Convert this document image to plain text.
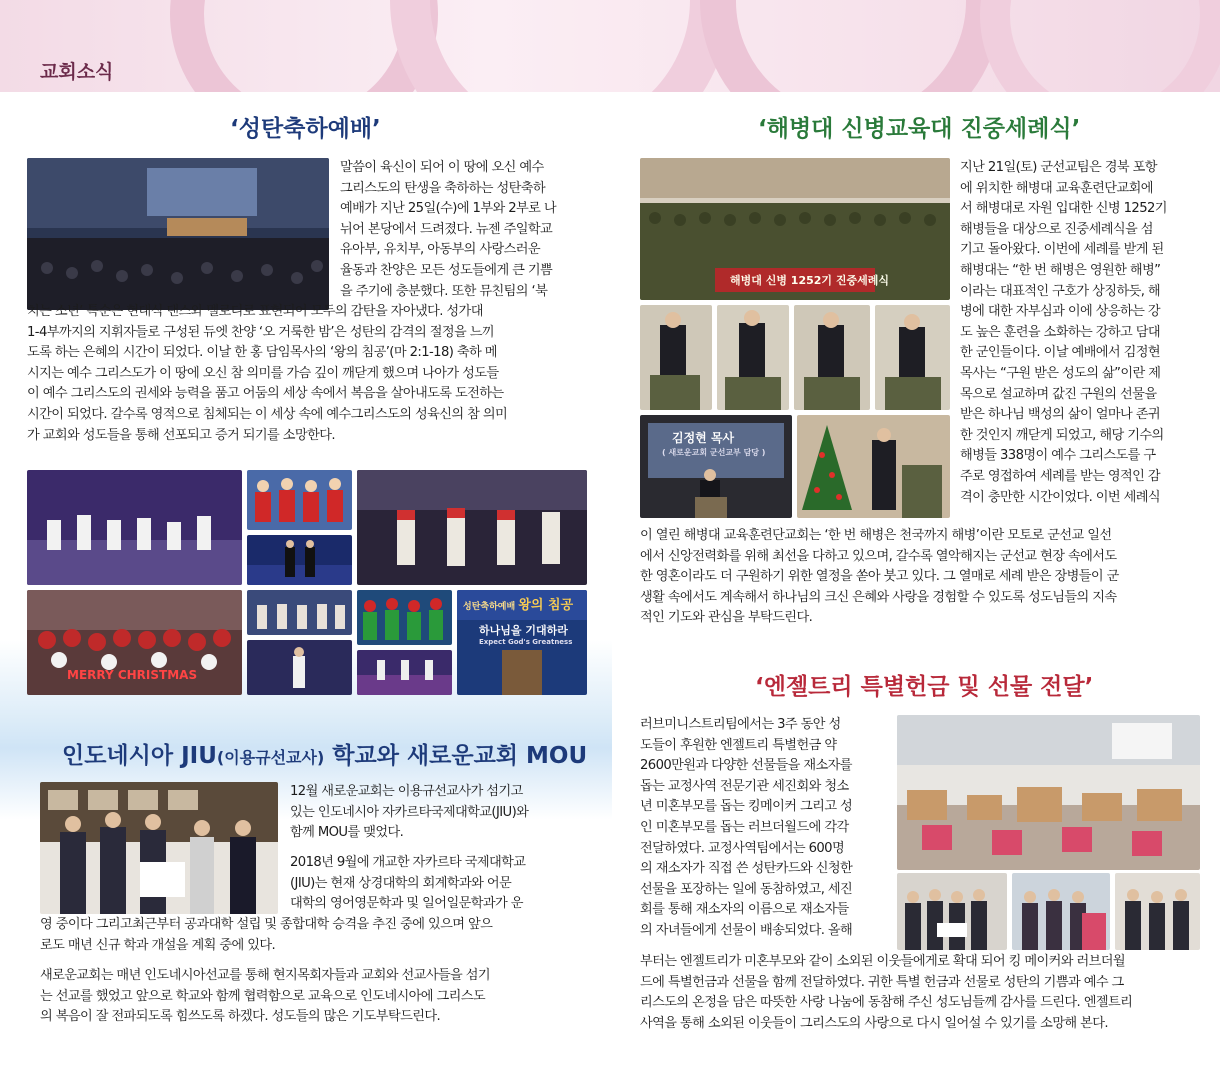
교회소식
‘성탄축하예배’
말씀이 육신이 되어 이 땅에 오신 예수
그리스도의 탄생을 축하하는 성탄축하
예배가 지난 25일(수)에 1부와 2부로 나
뉘어 본당에서 드려졌다. 뉴젠 주일학교
유아부, 유치부, 아동부의 사랑스러운
율동과 찬양은 모든 성도들에게 큰 기쁨
을 주기에 충분했다. 또한 뮤친팀의 ‘북
치는 소년’ 특순은 현대식 댄스와 멜로디로 표현되어 모두의 감탄을 자아냈다. 성가대
1-4부까지의 지휘자들로 구성된 듀엣 찬양 ‘오 거룩한 밤’은 성탄의 감격의 절정을 느끼
도록 하는 은혜의 시간이 되었다. 이날 한 홍 담임목사의 ‘왕의 침공’(마 2:1-18) 축하 메
시지는 예수 그리스도가 이 땅에 오신 참 의미를 가슴 깊이 깨닫게 했으며 나아가 성도들
이 예수 그리스도의 권세와 능력을 품고 어둠의 세상 속에서 복음을 살아내도록 도전하는
시간이 되었다. 갈수록 영적으로 침체되는 이 세상 속에 예수그리스도의 성육신의 참 의미
가 교회와 성도들을 통해 선포되고 증거 되기를 소망한다.
MERRY CHRISTMAS
성탄축하예배 왕의 침공
하나님을 기대하라
Expect God's Greatness
인도네시아 JIU(이용규선교사) 학교와 새로운교회 MOU
12월 새로운교회는 이용규선교사가 섬기고
있는 인도네시아 자카르타국제대학교(JIU)와
함께 MOU를 맺었다.
2018년 9월에 개교한 자카르타 국제대학교
(JIU)는 현재 상경대학의 회계학과와 어문
대학의 영어영문학과 및 일어일문학과가 운
영 중이다 그리고최근부터 공과대학 설립 및 종합대학 승격을 추진 중에 있으며 앞으
로도 매년 신규 학과 개설을 계획 중에 있다.
새로운교회는 매년 인도네시아선교를 통해 현지목회자들과 교회와 선교사들을 섬기
는 선교를 했었고 앞으로 학교와 함께 협력함으로 교육으로 인도네시아에 그리스도
의 복음이 잘 전파되도록 힘쓰도록 하겠다. 성도들의 많은 기도부탁드린다.
‘해병대 신병교육대 진중세례식’
해병대 신병 1252기 진중세례식
김정현 목사
( 새로운교회 군선교부 담당 )
지난 21일(토) 군선교팀은 경북 포항
에 위치한 해병대 교육훈련단교회에
서 해병대로 자원 입대한 신병 1252기
해병들을 대상으로 진중세례식을 섬
기고 돌아왔다. 이번에 세례를 받게 된
해병대는 “한 번 해병은 영원한 해병”
이라는 대표적인 구호가 상징하듯, 해
병에 대한 자부심과 이에 상응하는 강
도 높은 훈련을 소화하는 강하고 담대
한 군인들이다. 이날 예배에서 김정현
목사는 “구원 받은 성도의 삶”이란 제
목으로 설교하며 값진 구원의 선물을
받은 하나님 백성의 삶이 얼마나 존귀
한 것인지 깨닫게 되었고, 해당 기수의
해병들 338명이 예수 그리스도를 구
주로 영접하여 세례를 받는 영적인 감
격이 충만한 시간이었다. 이번 세례식
이 열린 해병대 교육훈련단교회는 ‘한 번 해병은 천국까지 해병’이란 모토로 군선교 일선
에서 신앙전력화를 위해 최선을 다하고 있으며, 갈수록 열악해지는 군선교 현장 속에서도
한 영혼이라도 더 구원하기 위한 열정을 쏟아 붓고 있다. 그 열매로 세례 받은 장병들이 군
생활 속에서도 계속해서 하나님의 크신 은혜와 사랑을 경험할 수 있도록 성도님들의 지속
적인 기도와 관심을 부탁드린다.
‘엔젤트리 특별헌금 및 선물 전달’
러브미니스트리팀에서는 3주 동안 성
도들이 후원한 엔젤트리 특별헌금 약
2600만원과 다양한 선물들을 재소자를
돕는 교정사역 전문기관 세진회와 청소
년 미혼부모를 돕는 킹메이커 그리고 성
인 미혼부모를 돕는 러브더월드에 각각
전달하였다. 교정사역팀에서는 600명
의 재소자가 직접 쓴 성탄카드와 신청한
선물을 포장하는 일에 동참하였고, 세진
회를 통해 재소자의 이름으로 재소자들
의 자녀들에게 선물이 배송되었다. 올해
부터는 엔젤트리가 미혼부모와 같이 소외된 이웃들에게로 확대 되어 킹 메이커와 러브더월
드에 특별헌금과 선물을 함께 전달하였다. 귀한 특별 헌금과 선물로 성탄의 기쁨과 예수 그
리스도의 온정을 담은 따뜻한 사랑 나눔에 동참해 주신 성도님들께 감사를 드린다. 엔젤트리
사역을 통해 소외된 이웃들이 그리스도의 사랑으로 다시 일어설 수 있기를 소망해 본다.
